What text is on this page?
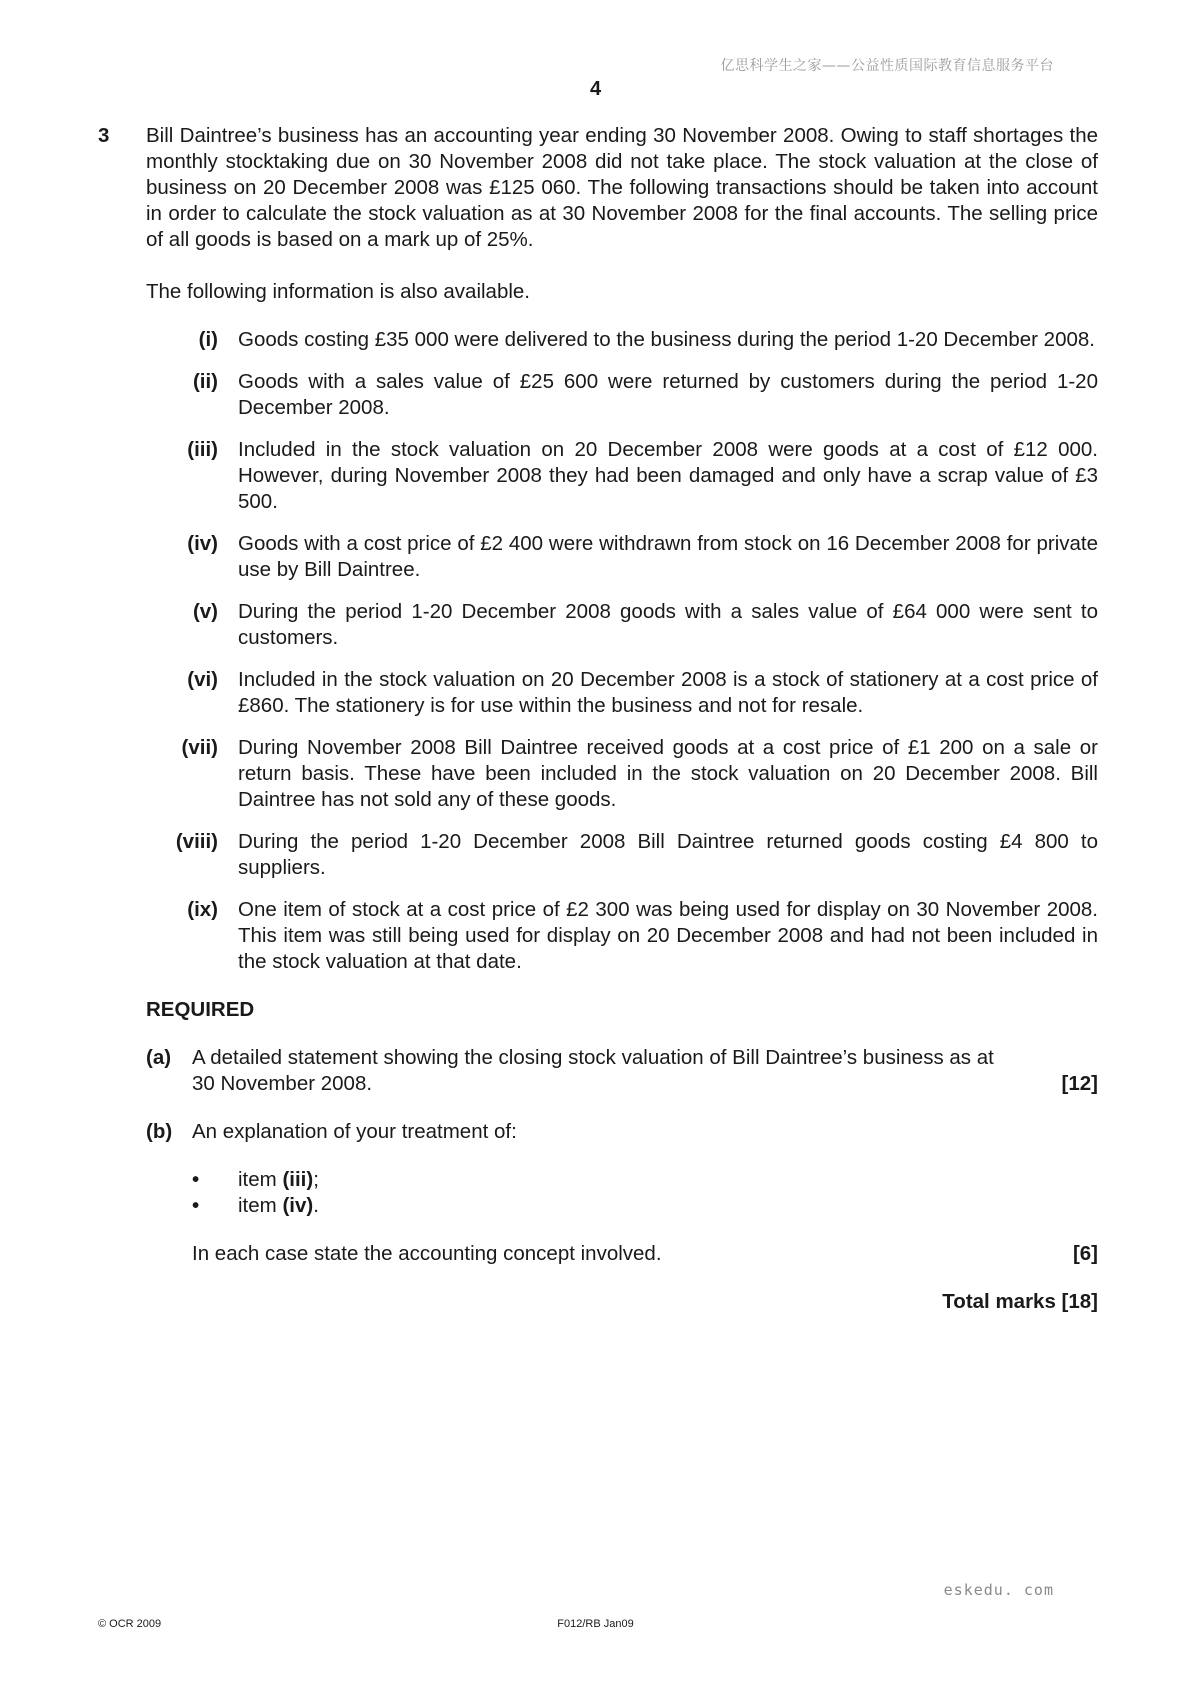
亿思科学生之家——公益性质国际教育信息服务平台
4
3	Bill Daintree’s business has an accounting year ending 30 November 2008. Owing to staff shortages the monthly stocktaking due on 30 November 2008 did not take place. The stock valuation at the close of business on 20 December 2008 was £125 060. The following transactions should be taken into account in order to calculate the stock valuation as at 30 November 2008 for the final accounts. The selling price of all goods is based on a mark up of 25%.

The following information is also available.

(i) Goods costing £35 000 were delivered to the business during the period 1-20 December 2008.
(ii) Goods with a sales value of £25 600 were returned by customers during the period 1-20 December 2008.
(iii) Included in the stock valuation on 20 December 2008 were goods at a cost of £12 000. However, during November 2008 they had been damaged and only have a scrap value of £3 500.
(iv) Goods with a cost price of £2 400 were withdrawn from stock on 16 December 2008 for private use by Bill Daintree.
(v) During the period 1-20 December 2008 goods with a sales value of £64 000 were sent to customers.
(vi) Included in the stock valuation on 20 December 2008 is a stock of stationery at a cost price of £860. The stationery is for use within the business and not for resale.
(vii) During November 2008 Bill Daintree received goods at a cost price of £1 200 on a sale or return basis. These have been included in the stock valuation on 20 December 2008. Bill Daintree has not sold any of these goods.
(viii) During the period 1-20 December 2008 Bill Daintree returned goods costing £4 800 to suppliers.
(ix) One item of stock at a cost price of £2 300 was being used for display on 30 November 2008. This item was still being used for display on 20 December 2008 and had not been included in the stock valuation at that date.
REQUIRED
(a)	A detailed statement showing the closing stock valuation of Bill Daintree’s business as at
30 November 2008.	[12]
(b) An explanation of your treatment of:
•	item (iii);
•	item (iv).
In each case state the accounting concept involved.	[6]
Total marks [18]
eskedu. com
© OCR 2009	F012/RB Jan09
